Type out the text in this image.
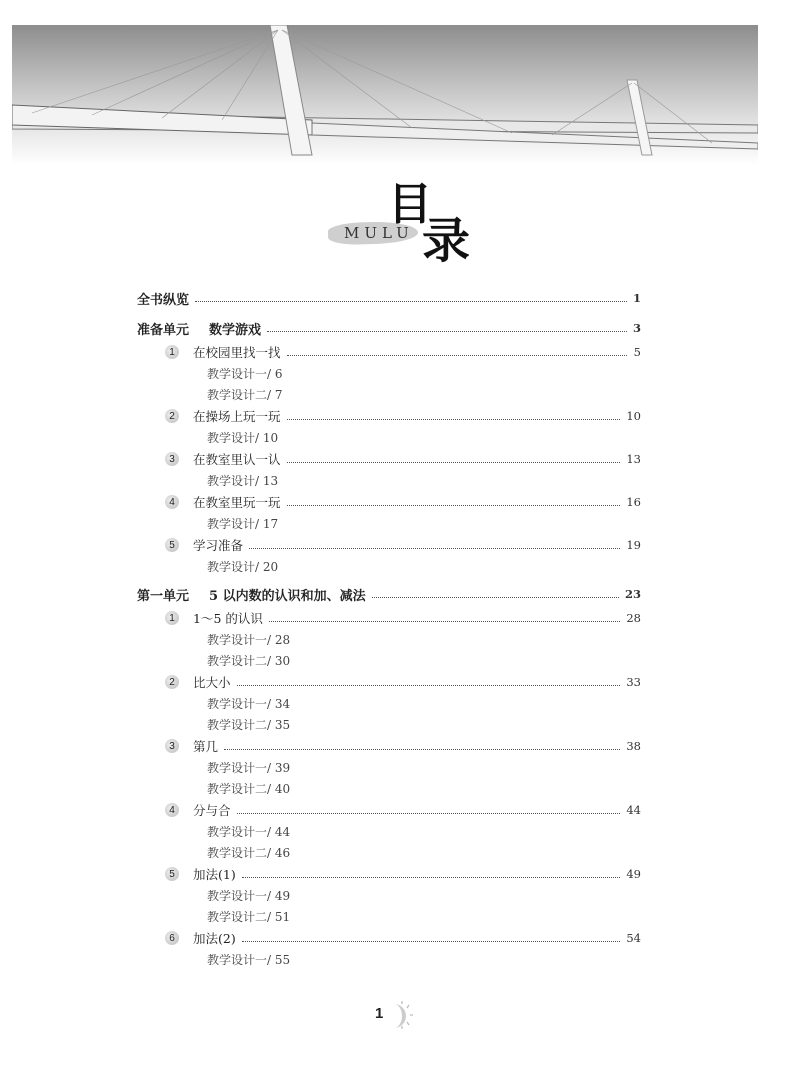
MULU
目
录
全书纵览	1
准备单元 数学游戏	3
1	在校园里找一找	5
教学设计一/ 6
教学设计二/ 7
2	在操场上玩一玩	10
教学设计/ 10
3	在教室里认一认	13
教学设计/ 13
4	在教室里玩一玩	16
教学设计/ 17
5	学习准备	19
教学设计/ 20
第一单元 5 以内数的认识和加、减法	23
1	1～5 的认识	28
教学设计一/ 28
教学设计二/ 30
2	比大小	33
教学设计一/ 34
教学设计二/ 35
3	第几	38
教学设计一/ 39
教学设计二/ 40
4	分与合	44
教学设计一/ 44
教学设计二/ 46
5	加法(1)	49
教学设计一/ 49
教学设计二/ 51
6	加法(2)	54
教学设计一/ 55
1
